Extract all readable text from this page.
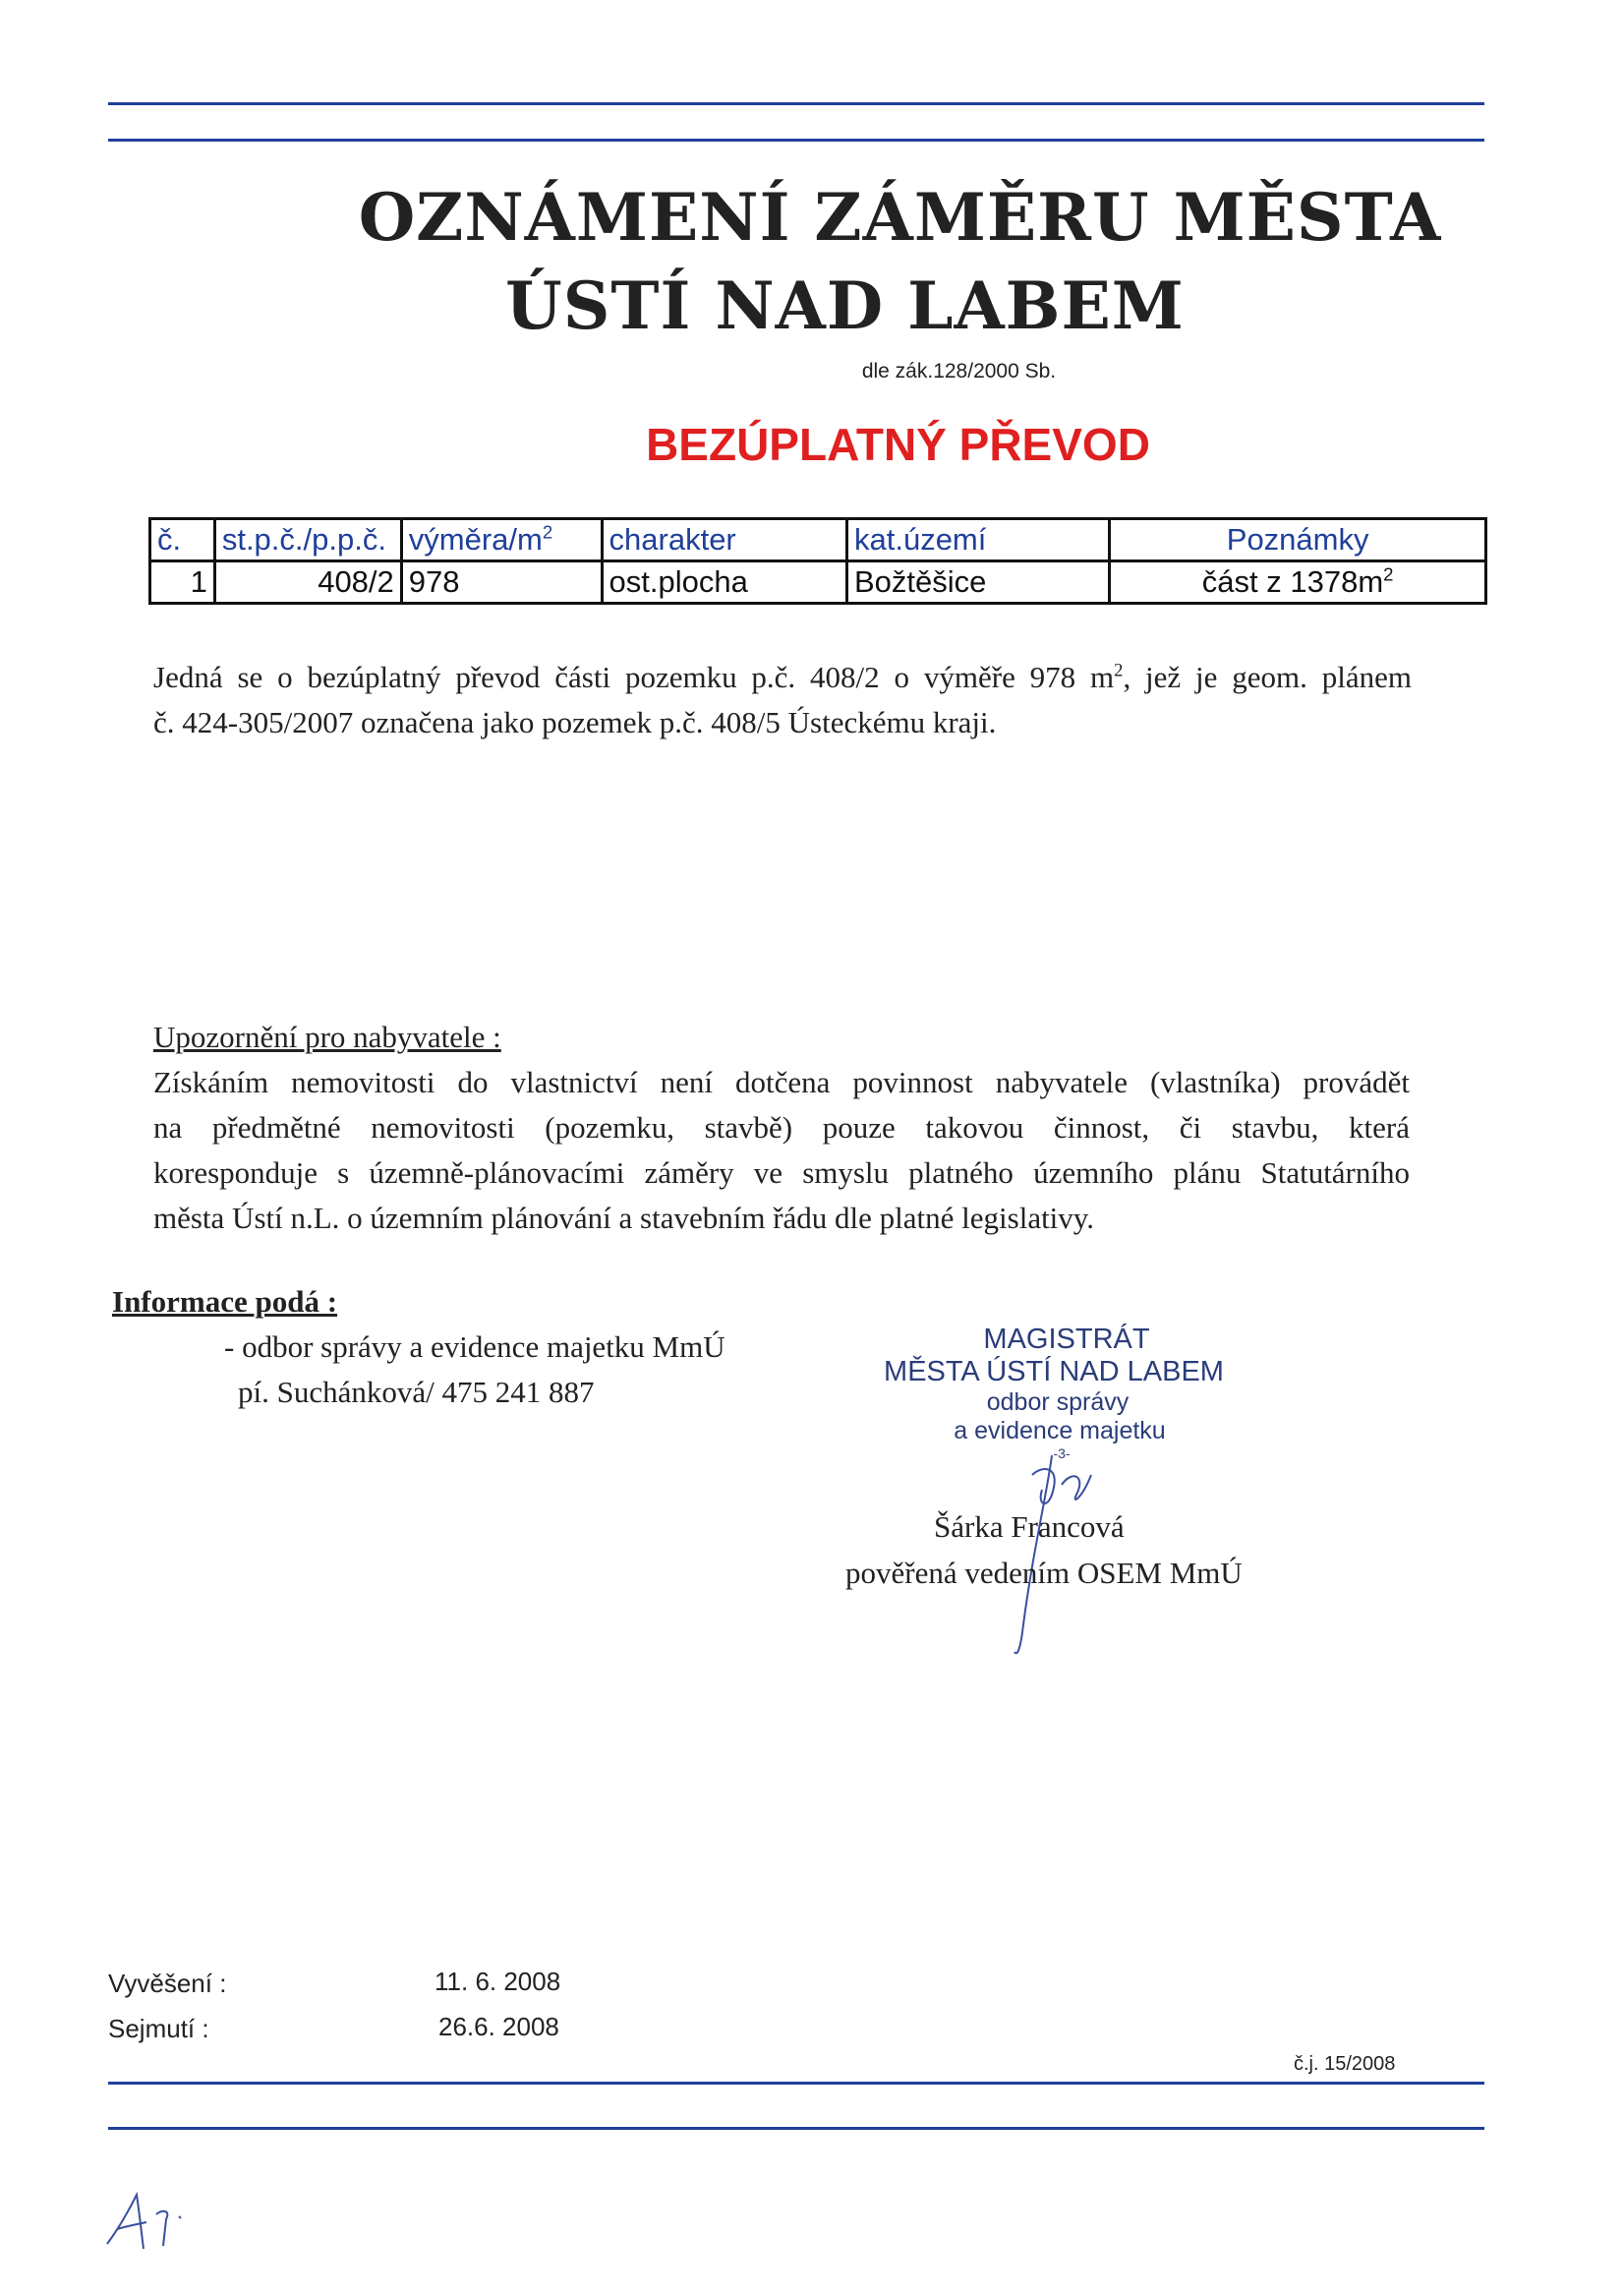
OZNÁMENÍ ZÁMĚRU MĚSTA
ÚSTÍ NAD LABEM
dle zák.128/2000 Sb.
BEZÚPLATNÝ PŘEVOD
č.	st.p.č./p.p.č.	výměra/$m^2$	charakter	kat.území	Poznámky
1	408/2	978	ost.plocha	Božtěšice	část z $1378m^2$

Jedná se o bezúplatný převod části pozemku p.č. 408/2 o výměře 978 $m^2$, jež je geom. plánem

č. 424-305/2007 označena jako pozemek p.č. 408/5 Ústeckému kraji.

Upozornění pro nabyvatele :

Získáním nemovitosti do vlastnictví není dotčena povinnost nabyvatele (vlastníka) provádět

na předmětné nemovitosti (pozemku, stavbě) pouze takovou činnost, či stavbu, která

koresponduje s územně-plánovacími záměry ve smyslu platného územního plánu Statutárního

města Ústí n.L. o územním plánování a stavebním řádu dle platné legislativy.

Informace podá :
- odbor správy a evidence majetku MmÚ
pí. Suchánková/ 475 241 887
MAGISTRÁT
MĚSTA ÚSTÍ NAD LABEM
odbor správy
a evidence majetku
-3-
Šárka Francová
pověřená vedením OSEM MmÚ
Vyvěšení :	11. 6. 2008
Sejmutí :	26.6. 2008
č.j. 15/2008
